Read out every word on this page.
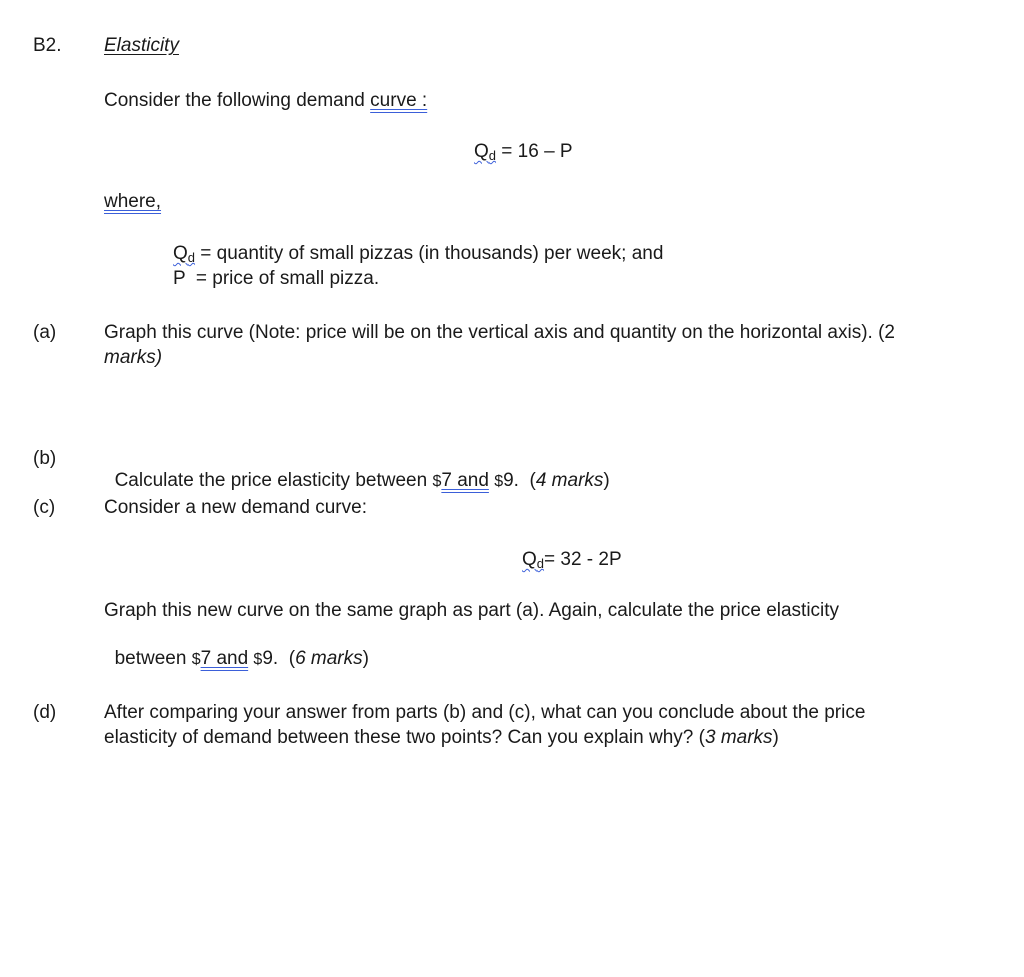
B2. Elasticity
Consider the following demand curve :
Qd = 16 – P
where,
Qd = quantity of small pizzas (in thousands) per week; and
P  = price of small pizza.
(a)	Graph this curve (Note: price will be on the vertical axis and quantity on the horizontal axis). (2
marks)
(b)

Calculate the price elasticity between $7 and $9.  (4 marks)

(c)	Consider a new demand curve:
Qd= 32 - 2P
Graph this new curve on the same graph as part (a). Again, calculate the price elasticity

between $7 and $9.  (6 marks)

(d)	After comparing your answer from parts (b) and (c), what can you conclude about the price
elasticity of demand between these two points? Can you explain why? (3 marks)
